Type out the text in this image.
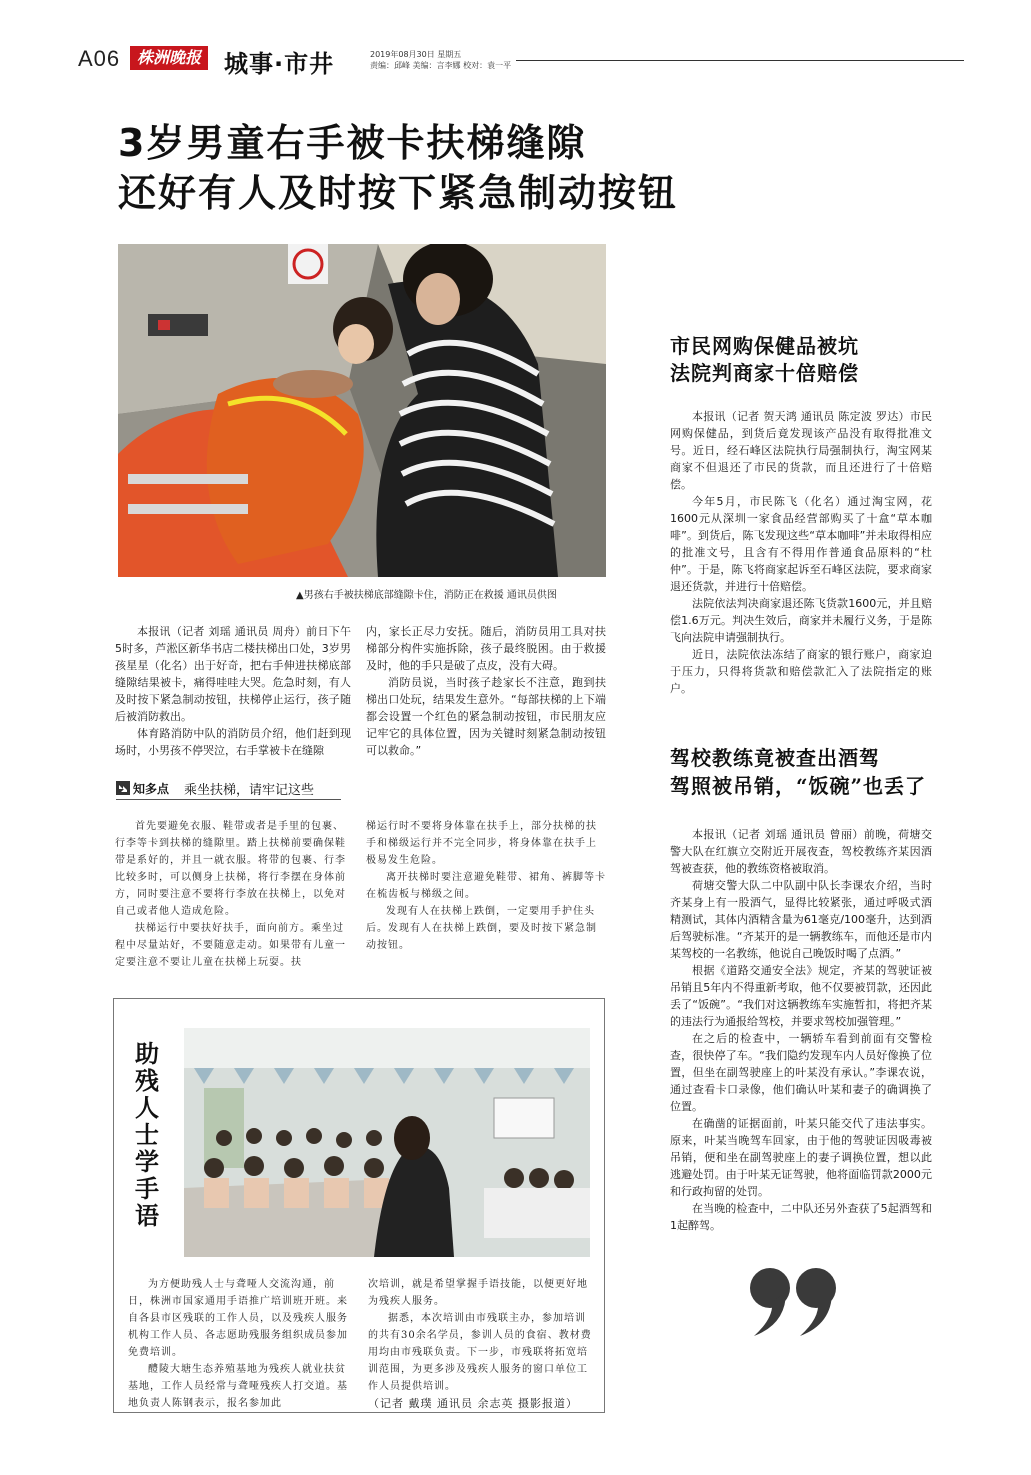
A06	株洲晚报 城事·市井	2019年08月30日 星期五
责编：邱峰 美编：言李娜 校对：袁一平
3岁男童右手被卡扶梯缝隙
还好有人及时按下紧急制动按钮
▲男孩右手被扶梯底部缝隙卡住，消防正在救援 通讯员供图

本报讯（记者 刘瑶 通讯员 周舟）前日下午5时多，芦淞区新华书店二楼扶梯出口处，3岁男孩星星（化名）出于好奇，把右手伸进扶梯底部缝隙结果被卡，痛得哇哇大哭。危急时刻，有人及时按下紧急制动按钮，扶梯停止运行，孩子随后被消防救出。

体育路消防中队的消防员介绍，他们赶到现场时，小男孩不停哭泣，右手掌被卡在缝隙

内，家长正尽力安抚。随后，消防员用工具对扶梯部分构件实施拆除，孩子最终脱困。由于救援及时，他的手只是破了点皮，没有大碍。

消防员说，当时孩子趁家长不注意，跑到扶梯出口处玩，结果发生意外。“每部扶梯的上下端都会设置一个红色的紧急制动按钮，市民朋友应记牢它的具体位置，因为关键时刻紧急制动按钮可以救命。”

知多点 乘坐扶梯，请牢记这些

首先要避免衣服、鞋带或者是手里的包裹、行李等卡到扶梯的缝隙里。踏上扶梯前要确保鞋带是系好的，并且一就衣服。将带的包裹、行李比较多时，可以侧身上扶梯，将行李摆在身体前方，同时要注意不要将行李放在扶梯上，以免对自己或者他人造成危险。

扶梯运行中要扶好扶手，面向前方。乘坐过程中尽量站好，不要随意走动。如果带有儿童一定要注意不要让儿童在扶梯上玩耍。扶

梯运行时不要将身体靠在扶手上，部分扶梯的扶手和梯级运行并不完全同步，将身体靠在扶手上极易发生危险。

离开扶梯时要注意避免鞋带、裙角、裤脚等卡在梳齿板与梯级之间。

发现有人在扶梯上跌倒，一定要用手护住头后。发现有人在扶梯上跌倒，要及时按下紧急制动按钮。

助
残
人
士
学
手
语

为方便助残人士与聋哑人交流沟通，前日，株洲市国家通用手语推广培训班开班。来自各县市区残联的工作人员，以及残疾人服务机构工作人员、各志愿助残服务组织成员参加免费培训。

醴陵大塘生态养殖基地为残疾人就业扶贫基地，工作人员经常与聋哑残疾人打交道。基地负责人陈钢表示，报名参加此

次培训，就是希望掌握手语技能，以便更好地为残疾人服务。

据悉，本次培训由市残联主办，参加培训的共有30余名学员，参训人员的食宿、教材费用均由市残联负责。下一步，市残联将拓宽培训范围，为更多涉及残疾人服务的窗口单位工作人员提供培训。

（记者 戴璞 通讯员 余志英 摄影报道）

市民网购保健品被坑
法院判商家十倍赔偿

本报讯（记者 贺天鸿 通讯员 陈定波 罗达）市民网购保健品，到货后竟发现该产品没有取得批准文号。近日，经石峰区法院执行局强制执行，淘宝网某商家不但退还了市民的货款，而且还进行了十倍赔偿。

今年5月，市民陈飞（化名）通过淘宝网，花1600元从深圳一家食品经营部购买了十盒“草本咖啡”。到货后，陈飞发现这些“草本咖啡”并未取得相应的批准文号，且含有不得用作普通食品原料的“杜仲”。于是，陈飞将商家起诉至石峰区法院，要求商家退还货款，并进行十倍赔偿。

法院依法判决商家退还陈飞货款1600元，并且赔偿1.6万元。判决生效后，商家并未履行义务，于是陈飞向法院申请强制执行。

近日，法院依法冻结了商家的银行账户，商家迫于压力，只得将货款和赔偿款汇入了法院指定的账户。

驾校教练竟被查出酒驾
驾照被吊销，“饭碗”也丢了

本报讯（记者 刘瑶 通讯员 曾丽）前晚，荷塘交警大队在红旗立交附近开展夜查，驾校教练齐某因酒驾被查获，他的教练资格被取消。

荷塘交警大队二中队副中队长李课农介绍，当时齐某身上有一股酒气，显得比较紧张，通过呼吸式酒精测试，其体内酒精含量为61毫克/100毫升，达到酒后驾驶标准。“齐某开的是一辆教练车，而他还是市内某驾校的一名教练，他说自己晚饭时喝了点酒。”

根据《道路交通安全法》规定，齐某的驾驶证被吊销且5年内不得重新考取，他不仅要被罚款，还因此丢了“饭碗”。“我们对这辆教练车实施暂扣，将把齐某的违法行为通报给驾校，并要求驾校加强管理。”

在之后的检查中，一辆轿车看到前面有交警检查，很快停了车。“我们隐约发现车内人员好像换了位置，但坐在副驾驶座上的叶某没有承认。”李课农说，通过查看卡口录像，他们确认叶某和妻子的确调换了位置。

在确凿的证据面前，叶某只能交代了违法事实。原来，叶某当晚驾车回家，由于他的驾驶证因吸毒被吊销，便和坐在副驾驶座上的妻子调换位置，想以此逃避处罚。由于叶某无证驾驶，他将面临罚款2000元和行政拘留的处罚。

在当晚的检查中，二中队还另外查获了5起酒驾和1起醉驾。
